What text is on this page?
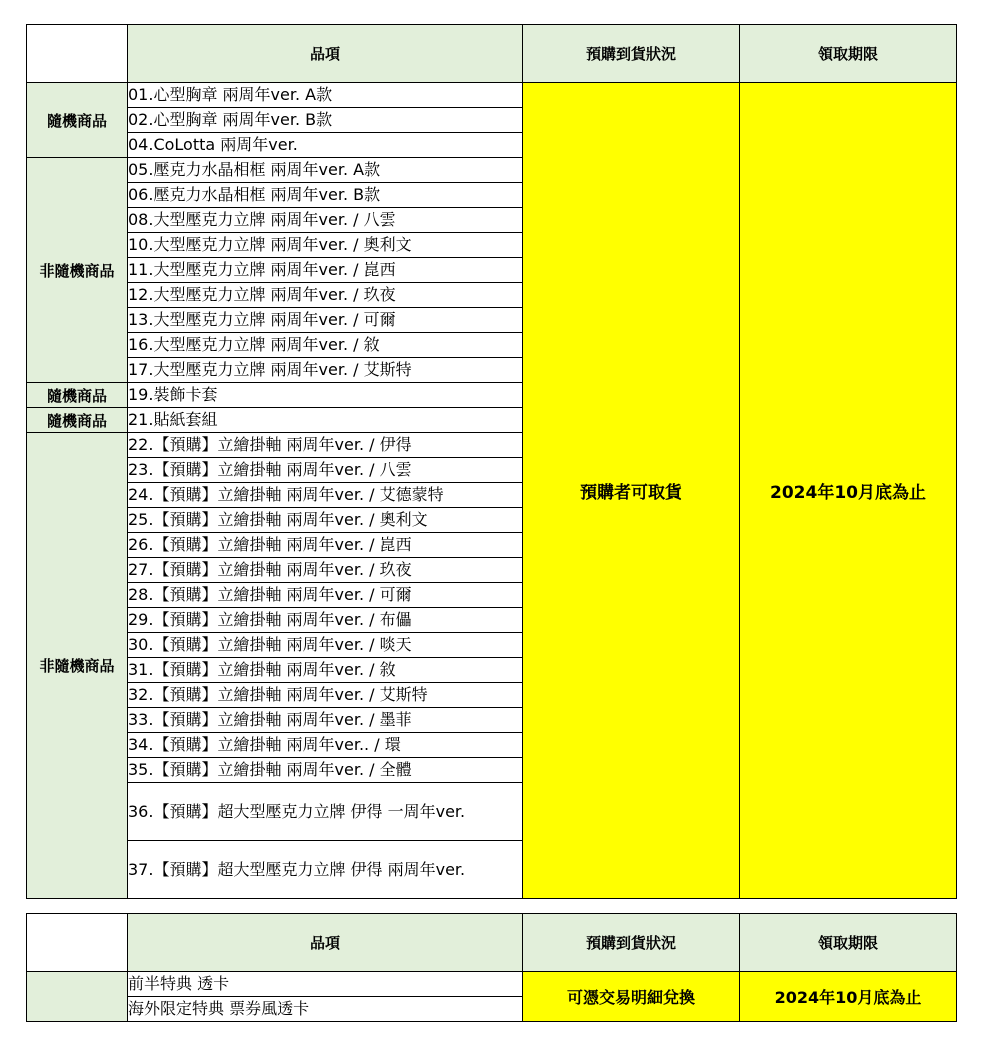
	品項	預購到貨狀況	領取期限
隨機商品	01.心型胸章 兩周年ver. A款	預購者可取貨	2024年10月底為止
	02.心型胸章 兩周年ver. B款		
	04.CoLotta 兩周年ver.		
非隨機商品	05.壓克力水晶相框 兩周年ver. A款		
	06.壓克力水晶相框 兩周年ver. B款		
	08.大型壓克力立牌 兩周年ver. / 八雲		
	10.大型壓克力立牌 兩周年ver. / 奧利文		
	11.大型壓克力立牌 兩周年ver. / 崑西		
	12.大型壓克力立牌 兩周年ver. / 玖夜		
	13.大型壓克力立牌 兩周年ver. / 可爾		
	16.大型壓克力立牌 兩周年ver. / 敘		
	17.大型壓克力立牌 兩周年ver. / 艾斯特		
隨機商品	19.裝飾卡套		
隨機商品	21.貼紙套組		
非隨機商品	22.【預購】立繪掛軸 兩周年ver. / 伊得		
	23.【預購】立繪掛軸 兩周年ver. / 八雲		
	24.【預購】立繪掛軸 兩周年ver. / 艾德蒙特		
	25.【預購】立繪掛軸 兩周年ver. / 奧利文		
	26.【預購】立繪掛軸 兩周年ver. / 崑西		
	27.【預購】立繪掛軸 兩周年ver. / 玖夜		
	28.【預購】立繪掛軸 兩周年ver. / 可爾		
	29.【預購】立繪掛軸 兩周年ver. / 布儡		
	30.【預購】立繪掛軸 兩周年ver. / 啖天		
	31.【預購】立繪掛軸 兩周年ver. / 敘		
	32.【預購】立繪掛軸 兩周年ver. / 艾斯特		
	33.【預購】立繪掛軸 兩周年ver. / 墨菲		
	34.【預購】立繪掛軸 兩周年ver.. / 環		
	35.【預購】立繪掛軸 兩周年ver. / 全體		
	36.【預購】超大型壓克力立牌 伊得 一周年ver.		
	37.【預購】超大型壓克力立牌 伊得 兩周年ver.		
	品項	預購到貨狀況	領取期限
	前半特典 透卡	可憑交易明細兌換	2024年10月底為止
	海外限定特典 票券風透卡		
